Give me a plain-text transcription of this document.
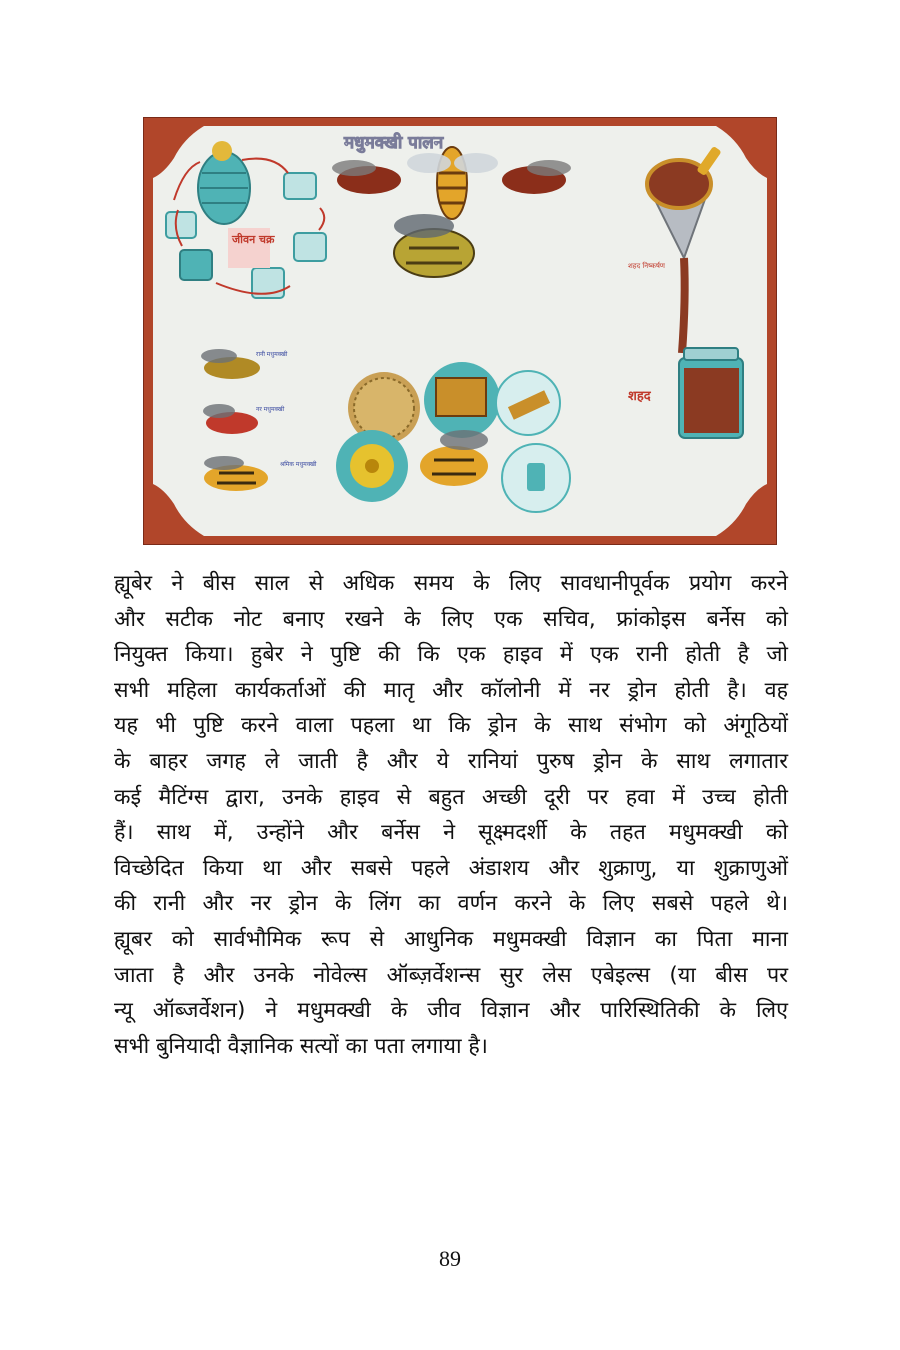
मधुमक्खी पालन
जीवन चक्र
शहद
शहद निष्कर्षण
रानी मधुमक्खी
नर मधुमक्खी
श्रमिक मधुमक्खी
ह्यूबेर ने बीस साल से अधिक समय के लिए सावधानीपूर्वक प्रयोग करने
और सटीक नोट बनाए रखने के लिए एक सचिव, फ्रांकोइस बर्नेस को
नियुक्त किया। हुबेर ने पुष्टि की कि एक हाइव में एक रानी होती है जो
सभी महिला कार्यकर्ताओं की मातृ और कॉलोनी में नर ड्रोन होती है। वह
यह भी पुष्टि करने वाला पहला था कि ड्रोन के साथ संभोग को अंगूठियों
के बाहर जगह ले जाती है और ये रानियां पुरुष ड्रोन के साथ लगातार
कई मैटिंग्स द्वारा, उनके हाइव से बहुत अच्छी दूरी पर हवा में उच्च होती
हैं। साथ में, उन्होंने और बर्नेस ने सूक्ष्मदर्शी के तहत मधुमक्खी को
विच्छेदित किया था और सबसे पहले अंडाशय और शुक्राणु, या शुक्राणुओं
की रानी और नर ड्रोन के लिंग का वर्णन करने के लिए सबसे पहले थे।
ह्यूबर को सार्वभौमिक रूप से आधुनिक मधुमक्खी विज्ञान का पिता माना
जाता है और उनके नोवेल्स ऑब्ज़र्वेशन्स सुर लेस एबेइल्स (या बीस पर
न्यू ऑब्जर्वेशन) ने मधुमक्खी के जीव विज्ञान और पारिस्थितिकी के लिए
सभी बुनियादी वैज्ञानिक सत्यों का पता लगाया है।
89
